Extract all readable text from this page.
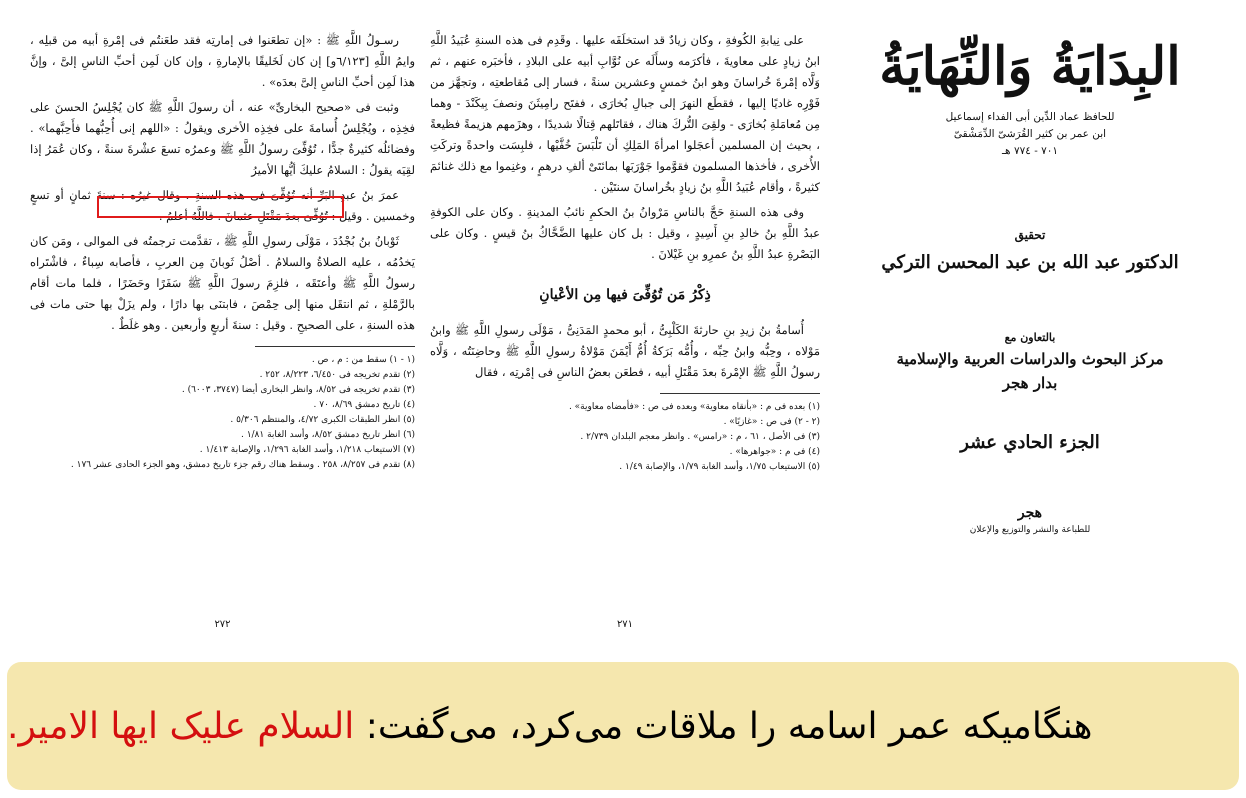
رسـولُ اللَّهِ ﷺ : «إن تطعَنوا فى إمارتِه فقد طعَنتُم فى إمْرةِ أبيه من قبلِه ، وايمُ اللَّهِ [٦/١٢٣و] إن كان لَخَليقًا بالإمارةِ ، وإن كان لَمِن أحبِّ الناسِ إلىَّ ، وإنَّ هذا لَمِن أحبِّ الناسِ إلىَّ بعدَه» .

وثبت فى «صحيح البخارىِّ» عنه ، أن رسولَ اللَّهِ ﷺ كان يُجْلِسُ الحسنَ على فخِذِه ، ويُجْلِسُ أُسامةَ على فخِذِه الأخرى ويقولُ : «اللهم إنى أُحِبُّهما فأَحِبَّهما» . وفضائلُه كثيرةٌ جدًّا ، تُوُفِّىَ رسولُ اللَّهِ ﷺ وعمرُه تسعَ عشْرةَ سنةً ، وكان عُمَرُ إذا لقِيَه يقولُ : السلامُ عليكَ أيُّها الأميرُ

عمرَ بنُ عبدِ البَرِّ أنه تُوُفِّىَ فى هذه السنةِ . وقال غيرُه : سنةَ ثمانٍ أو تسعٍ وخمسين . وقيل : تُوُفِّىَ بعدَ مَقْتَلِ عثمانَ . فاللَّهُ أعلمُ .

ثَوْبانُ بنُ بُجْدُدَ ، مَوْلَى رسولِ اللَّهِ ﷺ ، تقدَّمت ترجمتُه فى الموالى ، ومَن كان يَخدُمُه ، عليه الصلاةُ والسلامُ . أصْلُ ثَوبانَ مِن العربِ ، فأصابه سِباءٌ ، فاشْتَراه رسولُ اللَّهِ ﷺ وأعتَقَه ، فلزِمَ رسولَ اللَّهِ ﷺ سَفَرًا وحَضَرًا ، فلما مات أقام بالرَّمْلةِ ، ثم انتقَل منها إلى حِمْصَ ، فابتنَى بها دارًا ، ولم يزَلْ بها حتى مات فى هذه السنةِ ، على الصحيحِ . وقيل : سنةَ أربعٍ وأربعين . وهو غلَطٌ .

(١ - ١) سقط من : م ، ص .
(٢) تقدم تخريجه فى ٦/٤٥٠، ٨/٢٢٣، ٢٥٢ .
(٣) تقدم تخريجه فى ٨/٥٢، وانظر البخارى أيضا (٣٧٤٧، ٦٠٠٣) .
(٤) تاريخ دمشق ٨/٦٩، ٧٠ .
(٥) انظر الطبقات الكبرى ٤/٧٢، والمنتظم ٥/٣٠٦ .
(٦) انظر تاريخ دمشق ٨/٥٢، وأسد الغابة ١/٨١ .
(٧) الاستيعاب ١/٢١٨، وأسد الغابة ١/٢٩٦، والإصابة ١/٤١٣ .
(٨) تقدم فى ٨/٢٥٧، ٢٥٨ . وسقط هناك رقم جزء تاريخ دمشق، وهو الجزء الحادى عشر ١٧٦ .
٢٧٢

على نِيابةِ الكُوفةِ ، وكان زيادٌ قد استخلَفَه عليها . وقَدِم فى هذه السنةِ عُبَيدُ اللَّهِ ابنُ زيادٍ على معاويةَ ، فأكرَمه وسأَلَه عن نُوَّابِ أبيه على البلادِ ، فأخبَره عنهم ، ثم وَلَّاه إمْرةَ خُراسانَ وهو ابنُ خمسٍ وعشرين سنةً ، فسار إلى مُقاطعتِه ، وتجهَّز من فَوْرِه غاديًا إليها ، فقطَع النهرَ إلى جبالِ بُخارَى ، ففتَح رامِيثَنَ ونصفَ بِيكَنْدَ - وهما مِن مُعامَلةِ بُخارَى - ولقِىَ التُّركَ هناك ، فقاتَلهم قِتالًا شديدًا ، وهزَمهم هزيمةً فظيعةً ، بحيث إن المسلمين أعجَلوا امرأةَ المَلِكِ أن تَلْبَسَ خُفَّيْها ، فلبِسَت واحدةً وتركَتِ الأُخرى ، فأخذها المسلمون فقوَّموا جَوْرَبَها بمائتَىْ ألفِ درهمٍ ، وغنِموا مع ذلك غنائمَ كثيرةً ، وأقام عُبَيدُ اللَّهِ بنُ زيادٍ بخُراسانَ سنتَيْن .

وفى هذه السنةِ حَجَّ بالناسِ مَرْوانُ بنُ الحكمِ نائبُ المدينةِ . وكان على الكوفةِ عبدُ اللَّهِ بنُ خالدِ بنِ أَسِيدٍ ، وقيل : بل كان عليها الضَّحَّاكُ بنُ قيسٍ . وكان على البَصْرةِ عبدُ اللَّهِ بنُ عمرِو بنِ غَيْلانَ .

ذِكْرُ مَن تُوُفِّىَ فيها مِن الأعْيانِ

أُسامةُ بنُ زيدِ بنِ حارثةَ الكَلْبِىُّ ، أبو محمدٍ المَدَنِىُّ ، مَوْلَى رسولِ اللَّهِ ﷺ وابنُ مَوْلاه ، وحِبُّه وابنُ حِبِّه ، وأُمُّه بَرَكةُ أُمُّ أَيْمَنَ مَوْلاةُ رسولِ اللَّهِ ﷺ وحاضِنَتُه ، وَلَّاه رسولُ اللَّهِ ﷺ الإمْرةَ بعدَ مَقْتَلِ أبيه ، فطعَن بعضُ الناسِ فى إمْرتِه ، فقال

(١) بعده فى م : «بأنقاه معاوية» وبعده فى ص : «فأمضاه معاوية» .
(٢ - ٢) فى ص : «غازيًا» .
(٣) فى الأصل ، ٦١ ، م : «رامس» . وانظر معجم البلدان ٢/٧٣٩ .
(٤) فى م : «جواهرها» .
(٥) الاستيعاب ١/٧٥، وأسد الغابة ١/٧٩، والإصابة ١/٤٩ .
٢٧١
البِدَايَةُ وَالنِّهَايَةُ
للحافظ عماد الدِّين أبى الفداء إسماعيل
ابن عمر بن كثير القُرَشىّ الدِّمَشْقىّ
٧٠١ - ٧٧٤ هـ
تحقيق
الدكتور عبد الله بن عبد المحسن التركي
بالتعاون مع
مركز البحوث والدراسات العربية والإسلامية
بدار هجر
الجزء الحادي عشر
هجر
للطباعة والنشر والتوزيع والإعلان
هنگامیکه عمر اسامه را ملاقات می‌کرد، می‌گفت: السلام علیک ایها الامیر.
